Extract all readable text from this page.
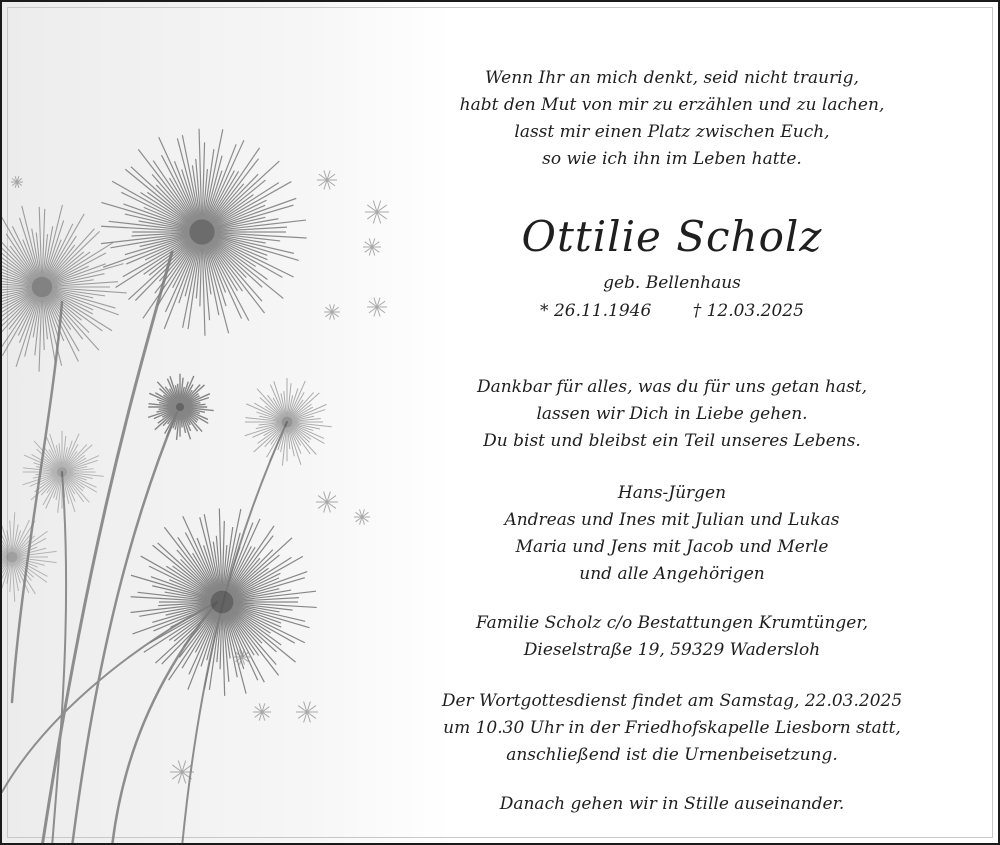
Wenn Ihr an mich denkt, seid nicht traurig,
habt den Mut von mir zu erzählen und zu lachen,
lasst mir einen Platz zwischen Euch,
so wie ich ihn im Leben hatte.
Ottilie Scholz
geb. Bellenhaus
* 26.11.1946 † 12.03.2025
Dankbar für alles, was du für uns getan hast,
lassen wir Dich in Liebe gehen.
Du bist und bleibst ein Teil unseres Lebens.
Hans-Jürgen
Andreas und Ines mit Julian und Lukas
Maria und Jens mit Jacob und Merle
und alle Angehörigen
Familie Scholz c/o Bestattungen Krumtünger,
Dieselstraße 19, 59329 Wadersloh
Der Wortgottesdienst findet am Samstag, 22.03.2025
um 10.30 Uhr in der Friedhofskapelle Liesborn statt,
anschließend ist die Urnenbeisetzung.
Danach gehen wir in Stille auseinander.
